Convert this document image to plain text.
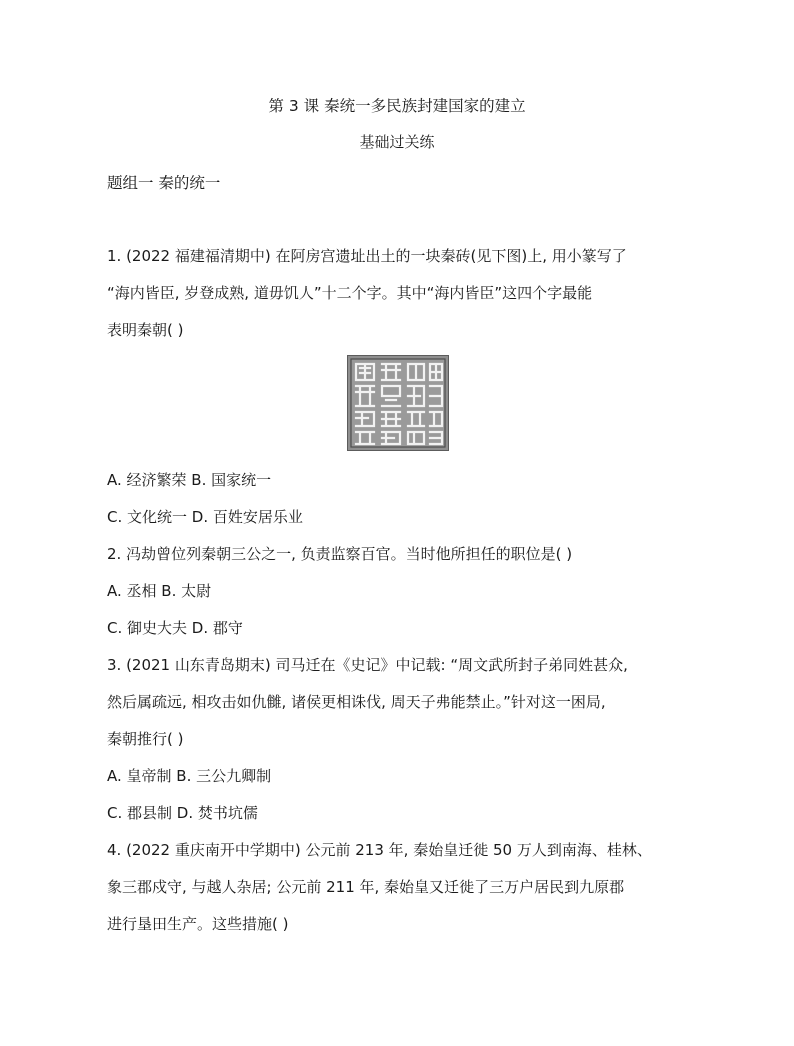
第 3 课 秦统一多民族封建国家的建立
基础过关练
题组一 秦的统一
1. (2022 福建福清期中) 在阿房宫遗址出土的一块秦砖(见下图)上, 用小篆写了
“海内皆臣, 岁登成熟, 道毋饥人”十二个字。其中“海内皆臣”这四个字最能
表明秦朝( )
A. 经济繁荣 B. 国家统一
C. 文化统一 D. 百姓安居乐业
2. 冯劫曾位列秦朝三公之一, 负责监察百官。当时他所担任的职位是( )
A. 丞相 B. 太尉
C. 御史大夫 D. 郡守
3. (2021 山东青岛期末) 司马迁在《史记》中记载: “周文武所封子弟同姓甚众,
然后属疏远, 相攻击如仇雠, 诸侯更相诛伐, 周天子弗能禁止。”针对这一困局,
秦朝推行( )
A. 皇帝制 B. 三公九卿制
C. 郡县制 D. 焚书坑儒
4. (2022 重庆南开中学期中) 公元前 213 年, 秦始皇迁徙 50 万人到南海、桂林、
象三郡戍守, 与越人杂居; 公元前 211 年, 秦始皇又迁徙了三万户居民到九原郡
进行垦田生产。这些措施( )
